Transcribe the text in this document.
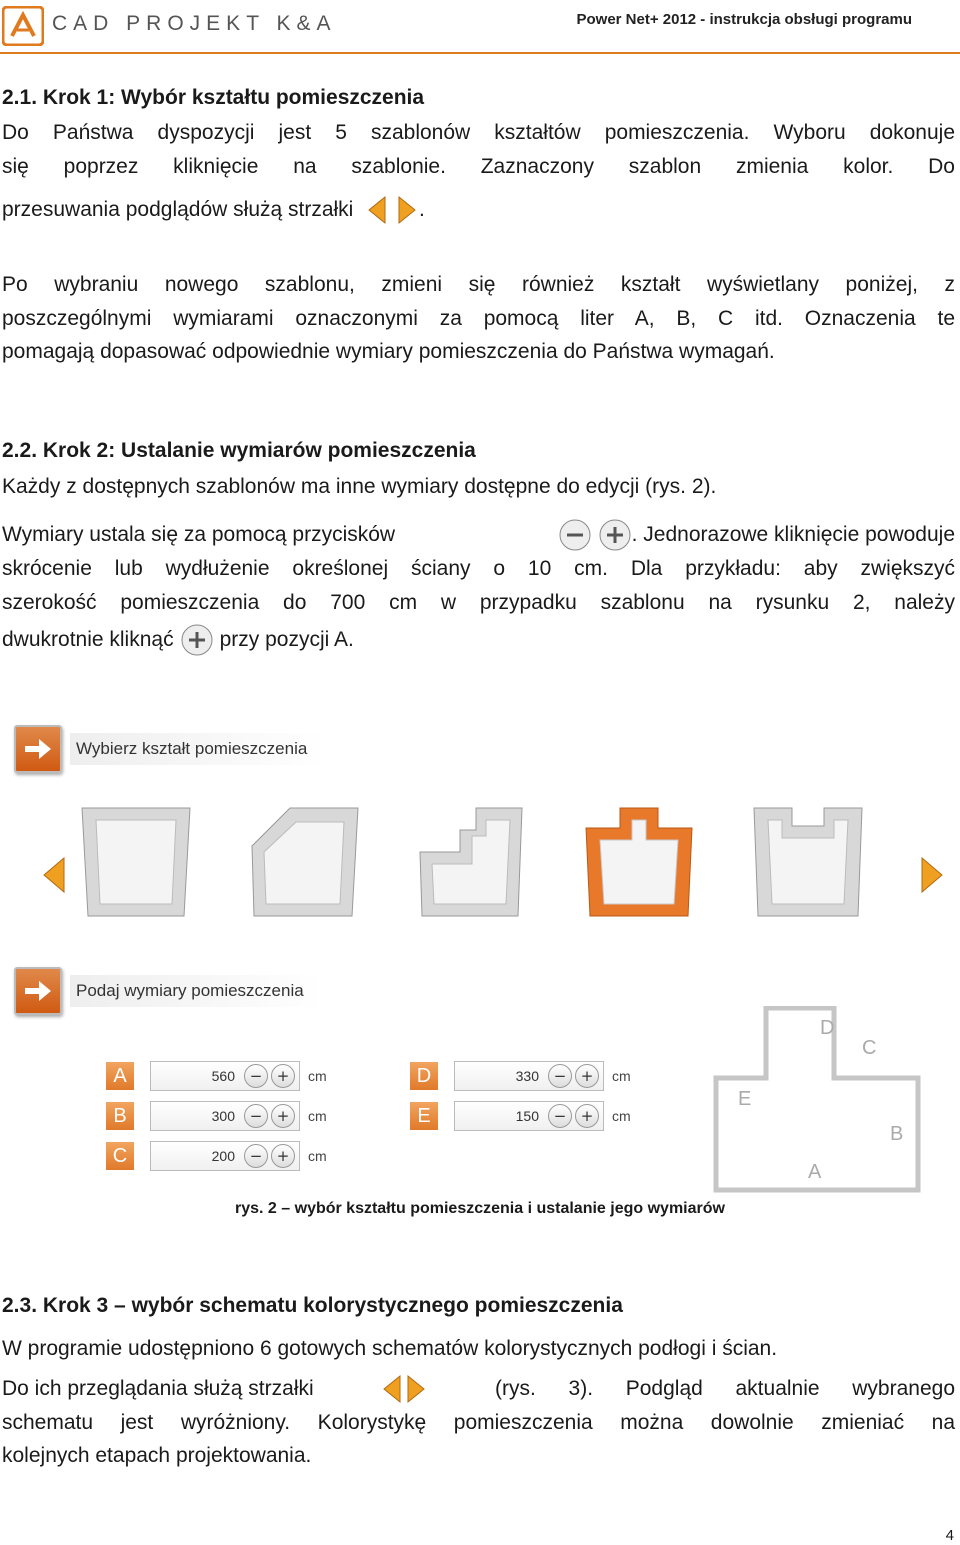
CAD PROJEKT K&A	Power Net+ 2012 - instrukcja obsługi programu
2.1. Krok 1: Wybór kształtu pomieszczenia
Do Państwa dyspozycji jest 5 szablonów kształtów pomieszczenia. Wyboru dokonuje
się poprzez kliknięcie na szablonie. Zaznaczony szablon zmienia kolor. Do
przesuwania podglądów służą strzałki	.
Po wybraniu nowego szablonu, zmieni się również kształt wyświetlany poniżej, z
poszczególnymi wymiarami oznaczonymi za pomocą liter A, B, C itd. Oznaczenia te
pomagają dopasować odpowiednie wymiary pomieszczenia do Państwa wymagań.
2.2. Krok 2: Ustalanie wymiarów pomieszczenia
Każdy z dostępnych szablonów ma inne wymiary dostępne do edycji (rys. 2).
Wymiary ustala się za pomocą przycisków	. Jednorazowe kliknięcie powoduje
skrócenie lub wydłużenie określonej ściany o 10 cm. Dla przykładu: aby zwiększyć
szerokość pomieszczenia do 700 cm w przypadku szablonu na rysunku 2, należy
dwukrotnie kliknąć przy pozycji A.
Wybierz kształt pomieszczenia
Podaj wymiary pomieszczenia
A	560 − +	cm
B	300 − +	cm
C	200 − +	cm
D	330 − +	cm
E	150 − +	cm
D
C
E
B
A
rys. 2 – wybór kształtu pomieszczenia i ustalanie jego wymiarów
2.3. Krok 3 – wybór schematu kolorystycznego pomieszczenia
W programie udostępniono 6 gotowych schematów kolorystycznych podłogi i ścian.
Do ich przeglądania służą strzałki	(rys. 3). Podgląd aktualnie wybranego
schematu jest wyróżniony. Kolorystykę pomieszczenia można dowolnie zmieniać na
kolejnych etapach projektowania.
4
